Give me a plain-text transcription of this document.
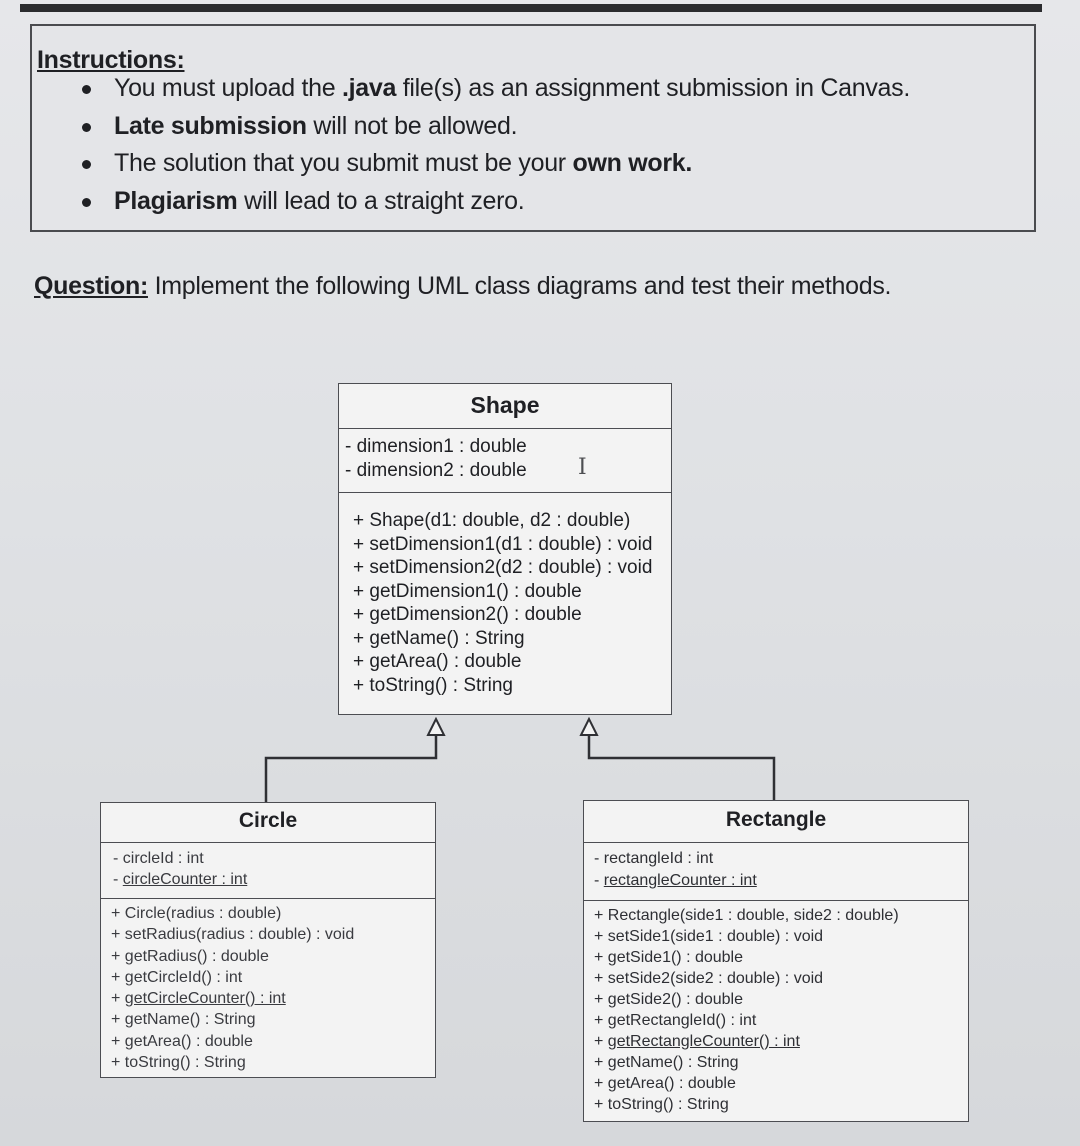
Instructions:
You must upload the .java file(s) as an assignment submission in Canvas.
Late submission will not be allowed.
The solution that you submit must be your own work.
Plagiarism will lead to a straight zero.
Question: Implement the following UML class diagrams and test their methods.
Shape
- dimension1 : double
- dimension2 : double
+ Shape(d1: double, d2 : double)
+ setDimension1(d1 : double) : void
+ setDimension2(d2 : double) : void
+ getDimension1() : double
+ getDimension2() : double
+ getName() : String
+ getArea() : double
+ toString() : String
I
Circle
- circleId : int
- circleCounter : int
+ Circle(radius : double)
+ setRadius(radius : double) : void
+ getRadius() : double
+ getCircleId() : int
+ getCircleCounter() : int
+ getName() : String
+ getArea() : double
+ toString() : String
Rectangle
- rectangleId : int
- rectangleCounter : int
+ Rectangle(side1 : double, side2 : double)
+ setSide1(side1 : double) : void
+ getSide1() : double
+ setSide2(side2 : double) : void
+ getSide2() : double
+ getRectangleId() : int
+ getRectangleCounter() : int
+ getName() : String
+ getArea() : double
+ toString() : String
